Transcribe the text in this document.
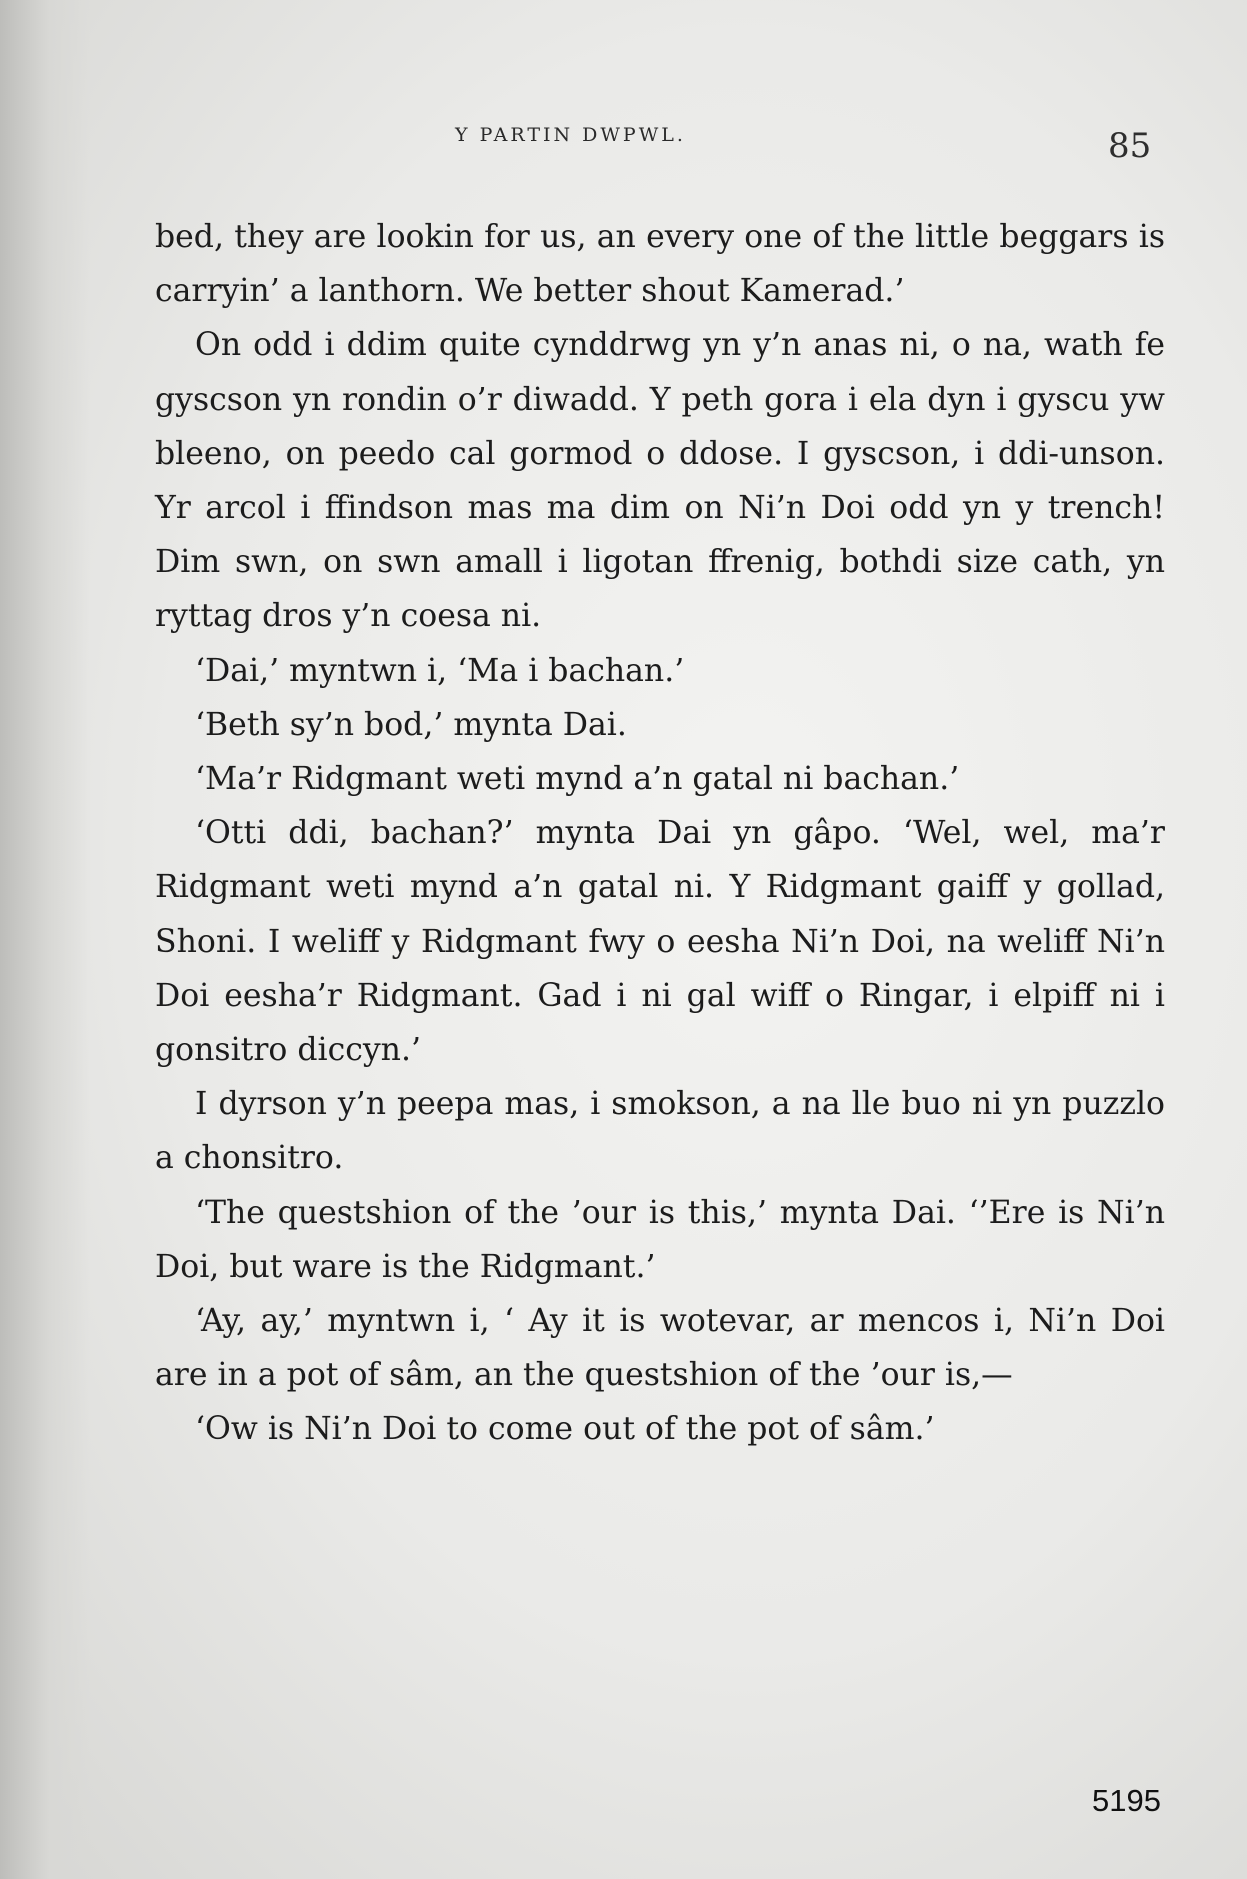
Y PARTIN DWPWL.	85

bed, they are lookin for us, an every one of the little beggars is carryin’ a lanthorn. We better shout Kamerad.’

On odd i ddim quite cynddrwg yn y’n anas ni, o na, wath fe gyscson yn rondin o’r diwadd. Y peth gora i ela dyn i gyscu yw bleeno, on peedo cal gormod o ddose. I gyscson, i ddi-unson. Yr arcol i ffindson mas ma dim on Ni’n Doi odd yn y trench! Dim swn, on swn amall i ligotan ffrenig, bothdi size cath, yn ryttag dros y’n coesa ni.

‘Dai,’ myntwn i, ‘Ma i bachan.’

‘Beth sy’n bod,’ mynta Dai.

‘Ma’r Ridgmant weti mynd a’n gatal ni bachan.’

‘Otti ddi, bachan?’ mynta Dai yn gâpo. ‘Wel, wel, ma’r Ridgmant weti mynd a’n gatal ni. Y Ridgmant gaiff y gollad, Shoni. I weliff y Ridgmant fwy o eesha Ni’n Doi, na weliff Ni’n Doi eesha’r Ridgmant. Gad i ni gal wiff o Ringar, i elpiff ni i gonsitro diccyn.’

I dyrson y’n peepa mas, i smokson, a na lle buo ni yn puzzlo a chonsitro.

‘The questshion of the ’our is this,’ mynta Dai. ‘’Ere is Ni’n Doi, but ware is the Ridgmant.’

‘Ay, ay,’ myntwn i, ‘ Ay it is wotevar, ar mencos i, Ni’n Doi are in a pot of sâm, an the questshion of the ’our is,—

‘Ow is Ni’n Doi to come out of the pot of sâm.’

5195
